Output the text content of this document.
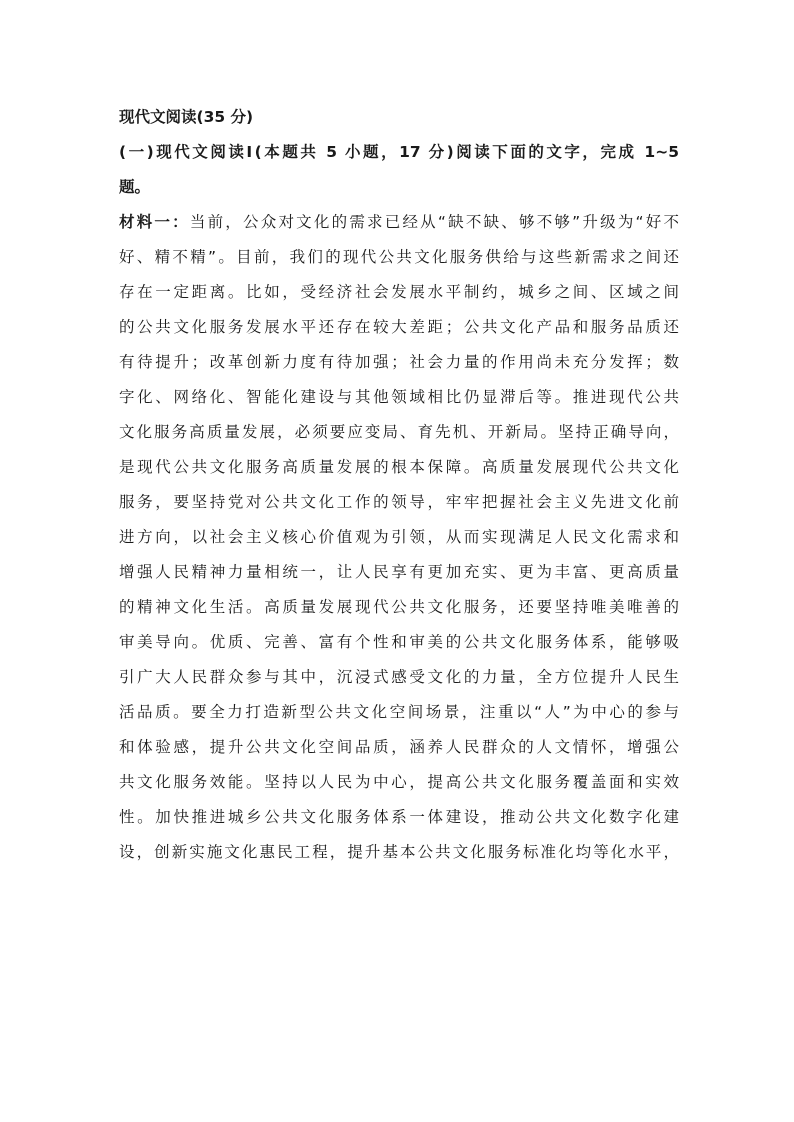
现代文阅读(35 分)
(一)现代文阅读Ⅰ(本题共 5 小题，17 分)阅读下面的文字，完成 1~5
题。
材料一：当前，公众对文化的需求已经从“缺不缺、够不够”升级为“好不
好、精不精”。目前，我们的现代公共文化服务供给与这些新需求之间还
存在一定距离。比如，受经济社会发展水平制约，城乡之间、区域之间
的公共文化服务发展水平还存在较大差距；公共文化产品和服务品质还
有待提升；改革创新力度有待加强；社会力量的作用尚未充分发挥；数
字化、网络化、智能化建设与其他领域相比仍显滞后等。推进现代公共
文化服务高质量发展，必须要应变局、育先机、开新局。坚持正确导向，
是现代公共文化服务高质量发展的根本保障。高质量发展现代公共文化
服务，要坚持党对公共文化工作的领导，牢牢把握社会主义先进文化前
进方向，以社会主义核心价值观为引领，从而实现满足人民文化需求和
增强人民精神力量相统一，让人民享有更加充实、更为丰富、更高质量
的精神文化生活。高质量发展现代公共文化服务，还要坚持唯美唯善的
审美导向。优质、完善、富有个性和审美的公共文化服务体系，能够吸
引广大人民群众参与其中，沉浸式感受文化的力量，全方位提升人民生
活品质。要全力打造新型公共文化空间场景，注重以“人”为中心的参与
和体验感，提升公共文化空间品质，涵养人民群众的人文情怀，增强公
共文化服务效能。坚持以人民为中心，提高公共文化服务覆盖面和实效
性。加快推进城乡公共文化服务体系一体建设，推动公共文化数字化建
设，创新实施文化惠民工程，提升基本公共文化服务标准化均等化水平，
